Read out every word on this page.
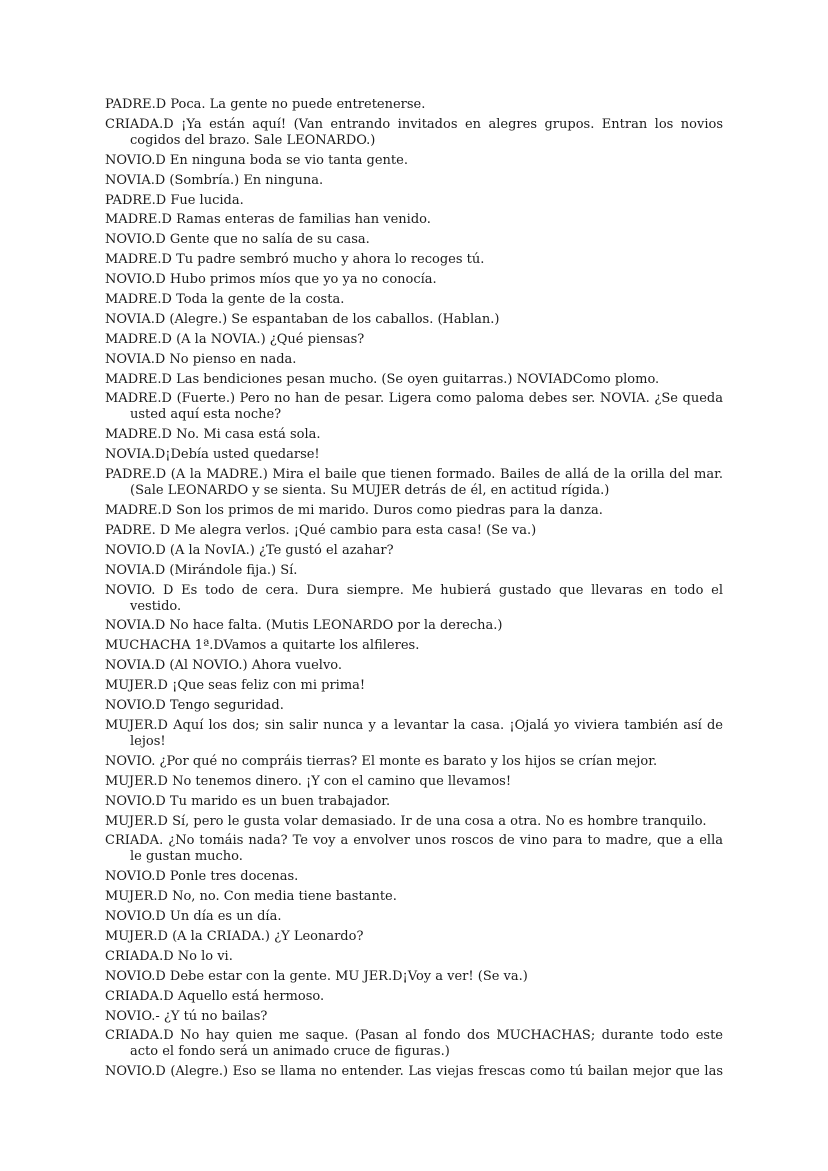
PADRE.D Poca. La gente no puede entretenerse.

CRIADA.D ¡Ya están aquí! (Van entrando invitados en alegres grupos. Entran los novios cogidos del brazo. Sale LEONARDO.)

NOVIO.D En ninguna boda se vio tanta gente.

NOVIA.D (Sombría.) En ninguna.

PADRE.D Fue lucida.

MADRE.D Ramas enteras de familias han venido.

NOVIO.D Gente que no salía de su casa.

MADRE.D Tu padre sembró mucho y ahora lo recoges tú.

NOVIO.D Hubo primos míos que yo ya no conocía.

MADRE.D Toda la gente de la costa.

NOVIA.D (Alegre.) Se espantaban de los caballos. (Hablan.)

MADRE.D (A la NOVIA.) ¿Qué piensas?

NOVIA.D No pienso en nada.

MADRE.D Las bendiciones pesan mucho. (Se oyen guitarras.) NOVIADComo plomo.

MADRE.D (Fuerte.) Pero no han de pesar. Ligera como paloma debes ser. NOVIA. ¿Se queda usted aquí esta noche?

MADRE.D No. Mi casa está sola.

NOVIA.D¡Debía usted quedarse!

PADRE.D (A la MADRE.) Mira el baile que tienen formado. Bailes de allá de la orilla del mar. (Sale LEONARDO y se sienta. Su MUJER detrás de él, en actitud rígida.)

MADRE.D Son los primos de mi marido. Duros como piedras para la danza.

PADRE. D Me alegra verlos. ¡Qué cambio para esta casa! (Se va.)

NOVIO.D (A la NovIA.) ¿Te gustó el azahar?

NOVIA.D (Mirándole fija.) Sí.

NOVIO. D Es todo de cera. Dura siempre. Me hubierá gustado que llevaras en todo el vestido.

NOVIA.D No hace falta. (Mutis LEONARDO por la derecha.)

MUCHACHA 1ª.DVamos a quitarte los alfileres.

NOVIA.D (Al NOVIO.) Ahora vuelvo.

MUJER.D ¡Que seas feliz con mi prima!

NOVIO.D Tengo seguridad.

MUJER.D Aquí los dos; sin salir nunca y a levantar la casa. ¡Ojalá yo viviera también así de lejos!

NOVIO. ¿Por qué no compráis tierras? El monte es barato y los hijos se crían mejor.

MUJER.D No tenemos dinero. ¡Y con el camino que llevamos!

NOVIO.D Tu marido es un buen trabajador.

MUJER.D Sí, pero le gusta volar demasiado. Ir de una cosa a otra. No es hombre tranquilo.

CRIADA. ¿No tomáis nada? Te voy a envolver unos roscos de vino para to madre, que a ella le gustan mucho.

NOVIO.D Ponle tres docenas.

MUJER.D No, no. Con media tiene bastante.

NOVIO.D Un día es un día.

MUJER.D (A la CRIADA.) ¿Y Leonardo?

CRIADA.D No lo vi.

NOVIO.D Debe estar con la gente. MU JER.D¡Voy a ver! (Se va.)

CRIADA.D Aquello está hermoso.

NOVIO.- ¿Y tú no bailas?

CRIADA.D No hay quien me saque. (Pasan al fondo dos MUCHACHAS; durante todo este acto el fondo será un animado cruce de figuras.)

NOVIO.D (Alegre.) Eso se llama no entender. Las viejas frescas como tú bailan mejor que las
